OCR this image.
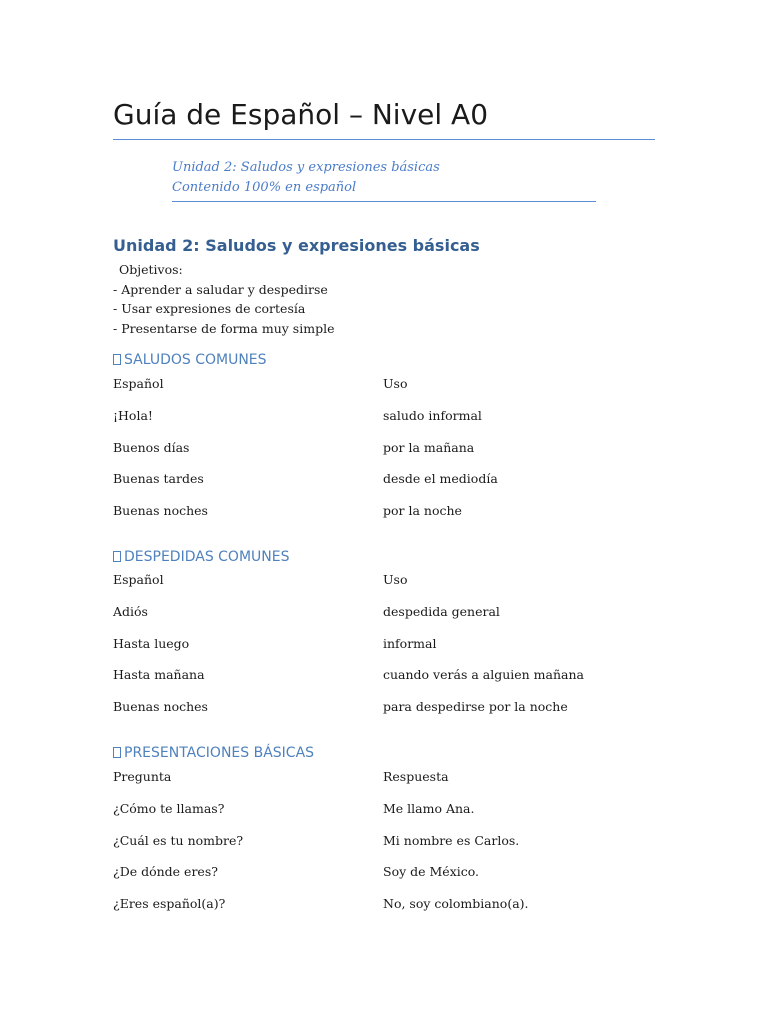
Guía de Español – Nivel A0
Unidad 2: Saludos y expresiones básicas
Contenido 100% en español
Unidad 2: Saludos y expresiones básicas
Objetivos:
- Aprender a saludar y despedirse
- Usar expresiones de cortesía
- Presentarse de forma muy simple
SALUDOS COMUNES
Español	Uso
¡Hola!	saludo informal
Buenos días	por la mañana
Buenas tardes	desde el mediodía
Buenas noches	por la noche
DESPEDIDAS COMUNES
Español	Uso
Adiós	despedida general
Hasta luego	informal
Hasta mañana	cuando verás a alguien mañana
Buenas noches	para despedirse por la noche
PRESENTACIONES BÁSICAS
Pregunta	Respuesta
¿Cómo te llamas?	Me llamo Ana.
¿Cuál es tu nombre?	Mi nombre es Carlos.
¿De dónde eres?	Soy de México.
¿Eres español(a)?	No, soy colombiano(a).
